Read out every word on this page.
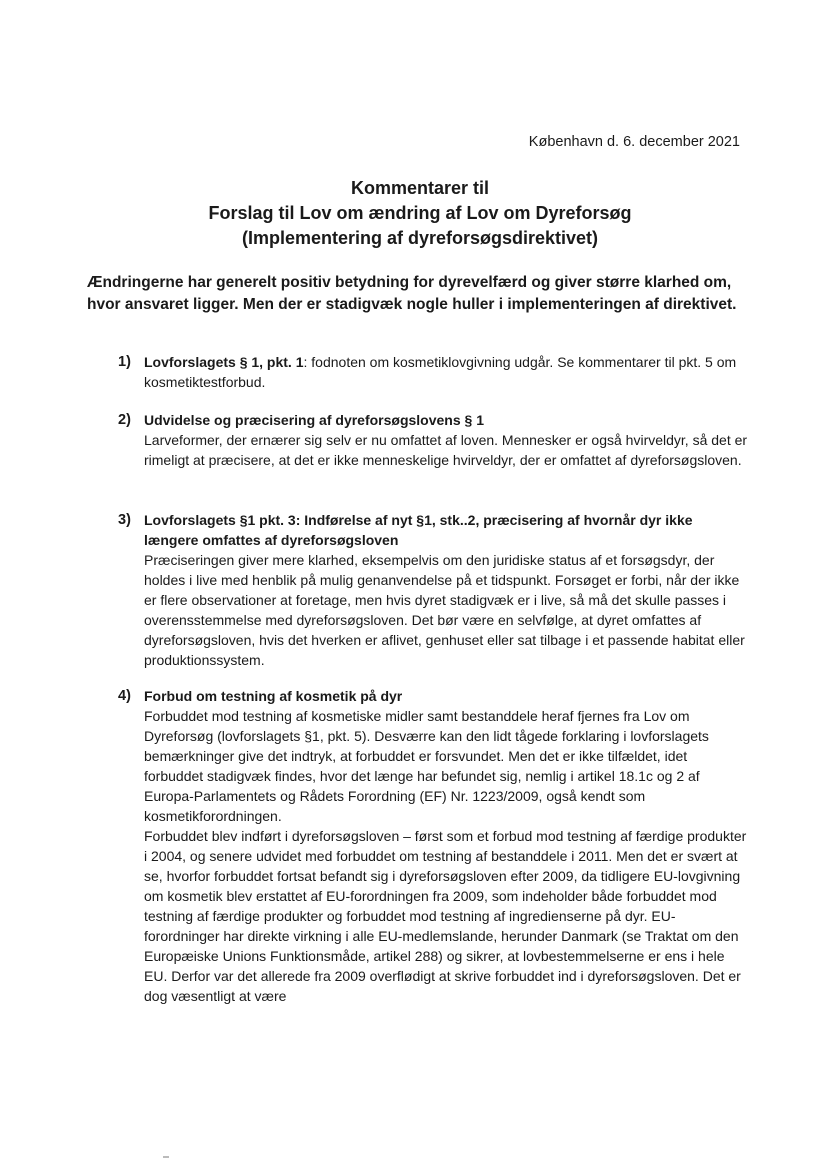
København d. 6. december 2021
Kommentarer til
Forslag til Lov om ændring af Lov om Dyreforsøg
(Implementering af dyreforsøgsdirektivet)
Ændringerne har generelt positiv betydning for dyrevelfærd og giver større klarhed om, hvor ansvaret ligger. Men der er stadigvæk nogle huller i implementeringen af direktivet.
1) Lovforslagets § 1, pkt. 1: fodnoten om kosmetiklovgivning udgår. Se kommentarer til pkt. 5 om kosmetiktestforbud.
2) Udvidelse og præcisering af dyreforsøgslovens § 1
Larveformer, der ernærer sig selv er nu omfattet af loven. Mennesker er også hvirveldyr, så det er rimeligt at præcisere, at det er ikke menneskelige hvirveldyr, der er omfattet af dyreforsøgsloven.
3) Lovforslagets §1 pkt. 3: Indførelse af nyt §1, stk..2, præcisering af hvornår dyr ikke længere omfattes af dyreforsøgsloven
Præciseringen giver mere klarhed, eksempelvis om den juridiske status af et forsøgsdyr, der holdes i live med henblik på mulig genanvendelse på et tidspunkt. Forsøget er forbi, når der ikke er flere observationer at foretage, men hvis dyret stadigvæk er i live, så må det skulle passes i overensstemmelse med dyreforsøgsloven. Det bør være en selvfølge, at dyret omfattes af dyreforsøgsloven, hvis det hverken er aflivet, genhuset eller sat tilbage i et passende habitat eller produktionssystem.
4) Forbud om testning af kosmetik på dyr

Forbuddet mod testning af kosmetiske midler samt bestanddele heraf fjernes fra Lov om Dyreforsøg (lovforslagets §1, pkt. 5). Desværre kan den lidt tågede forklaring i lovforslagets bemærkninger give det indtryk, at forbuddet er forsvundet. Men det er ikke tilfældet, idet forbuddet stadigvæk findes, hvor det længe har befundet sig, nemlig i artikel 18.1c og 2 af Europa-Parlamentets og Rådets Forordning (EF) Nr. 1223/2009, også kendt som kosmetikforordningen.

Forbuddet blev indført i dyreforsøgsloven – først som et forbud mod testning af færdige produkter i 2004, og senere udvidet med forbuddet om testning af bestanddele i 2011. Men det er svært at se, hvorfor forbuddet fortsat befandt sig i dyreforsøgsloven efter 2009, da tidligere EU-lovgivning om kosmetik blev erstattet af EU-forordningen fra 2009, som indeholder både forbuddet mod testning af færdige produkter og forbuddet mod testning af ingredienserne på dyr. EU-forordninger har direkte virkning i alle EU-medlemslande, herunder Danmark (se Traktat om den Europæiske Unions Funktionsmåde, artikel 288) og sikrer, at lovbestemmelserne er ens i hele EU. Derfor var det allerede fra 2009 overflødigt at skrive forbuddet ind i dyreforsøgsloven. Det er dog væsentligt at være
